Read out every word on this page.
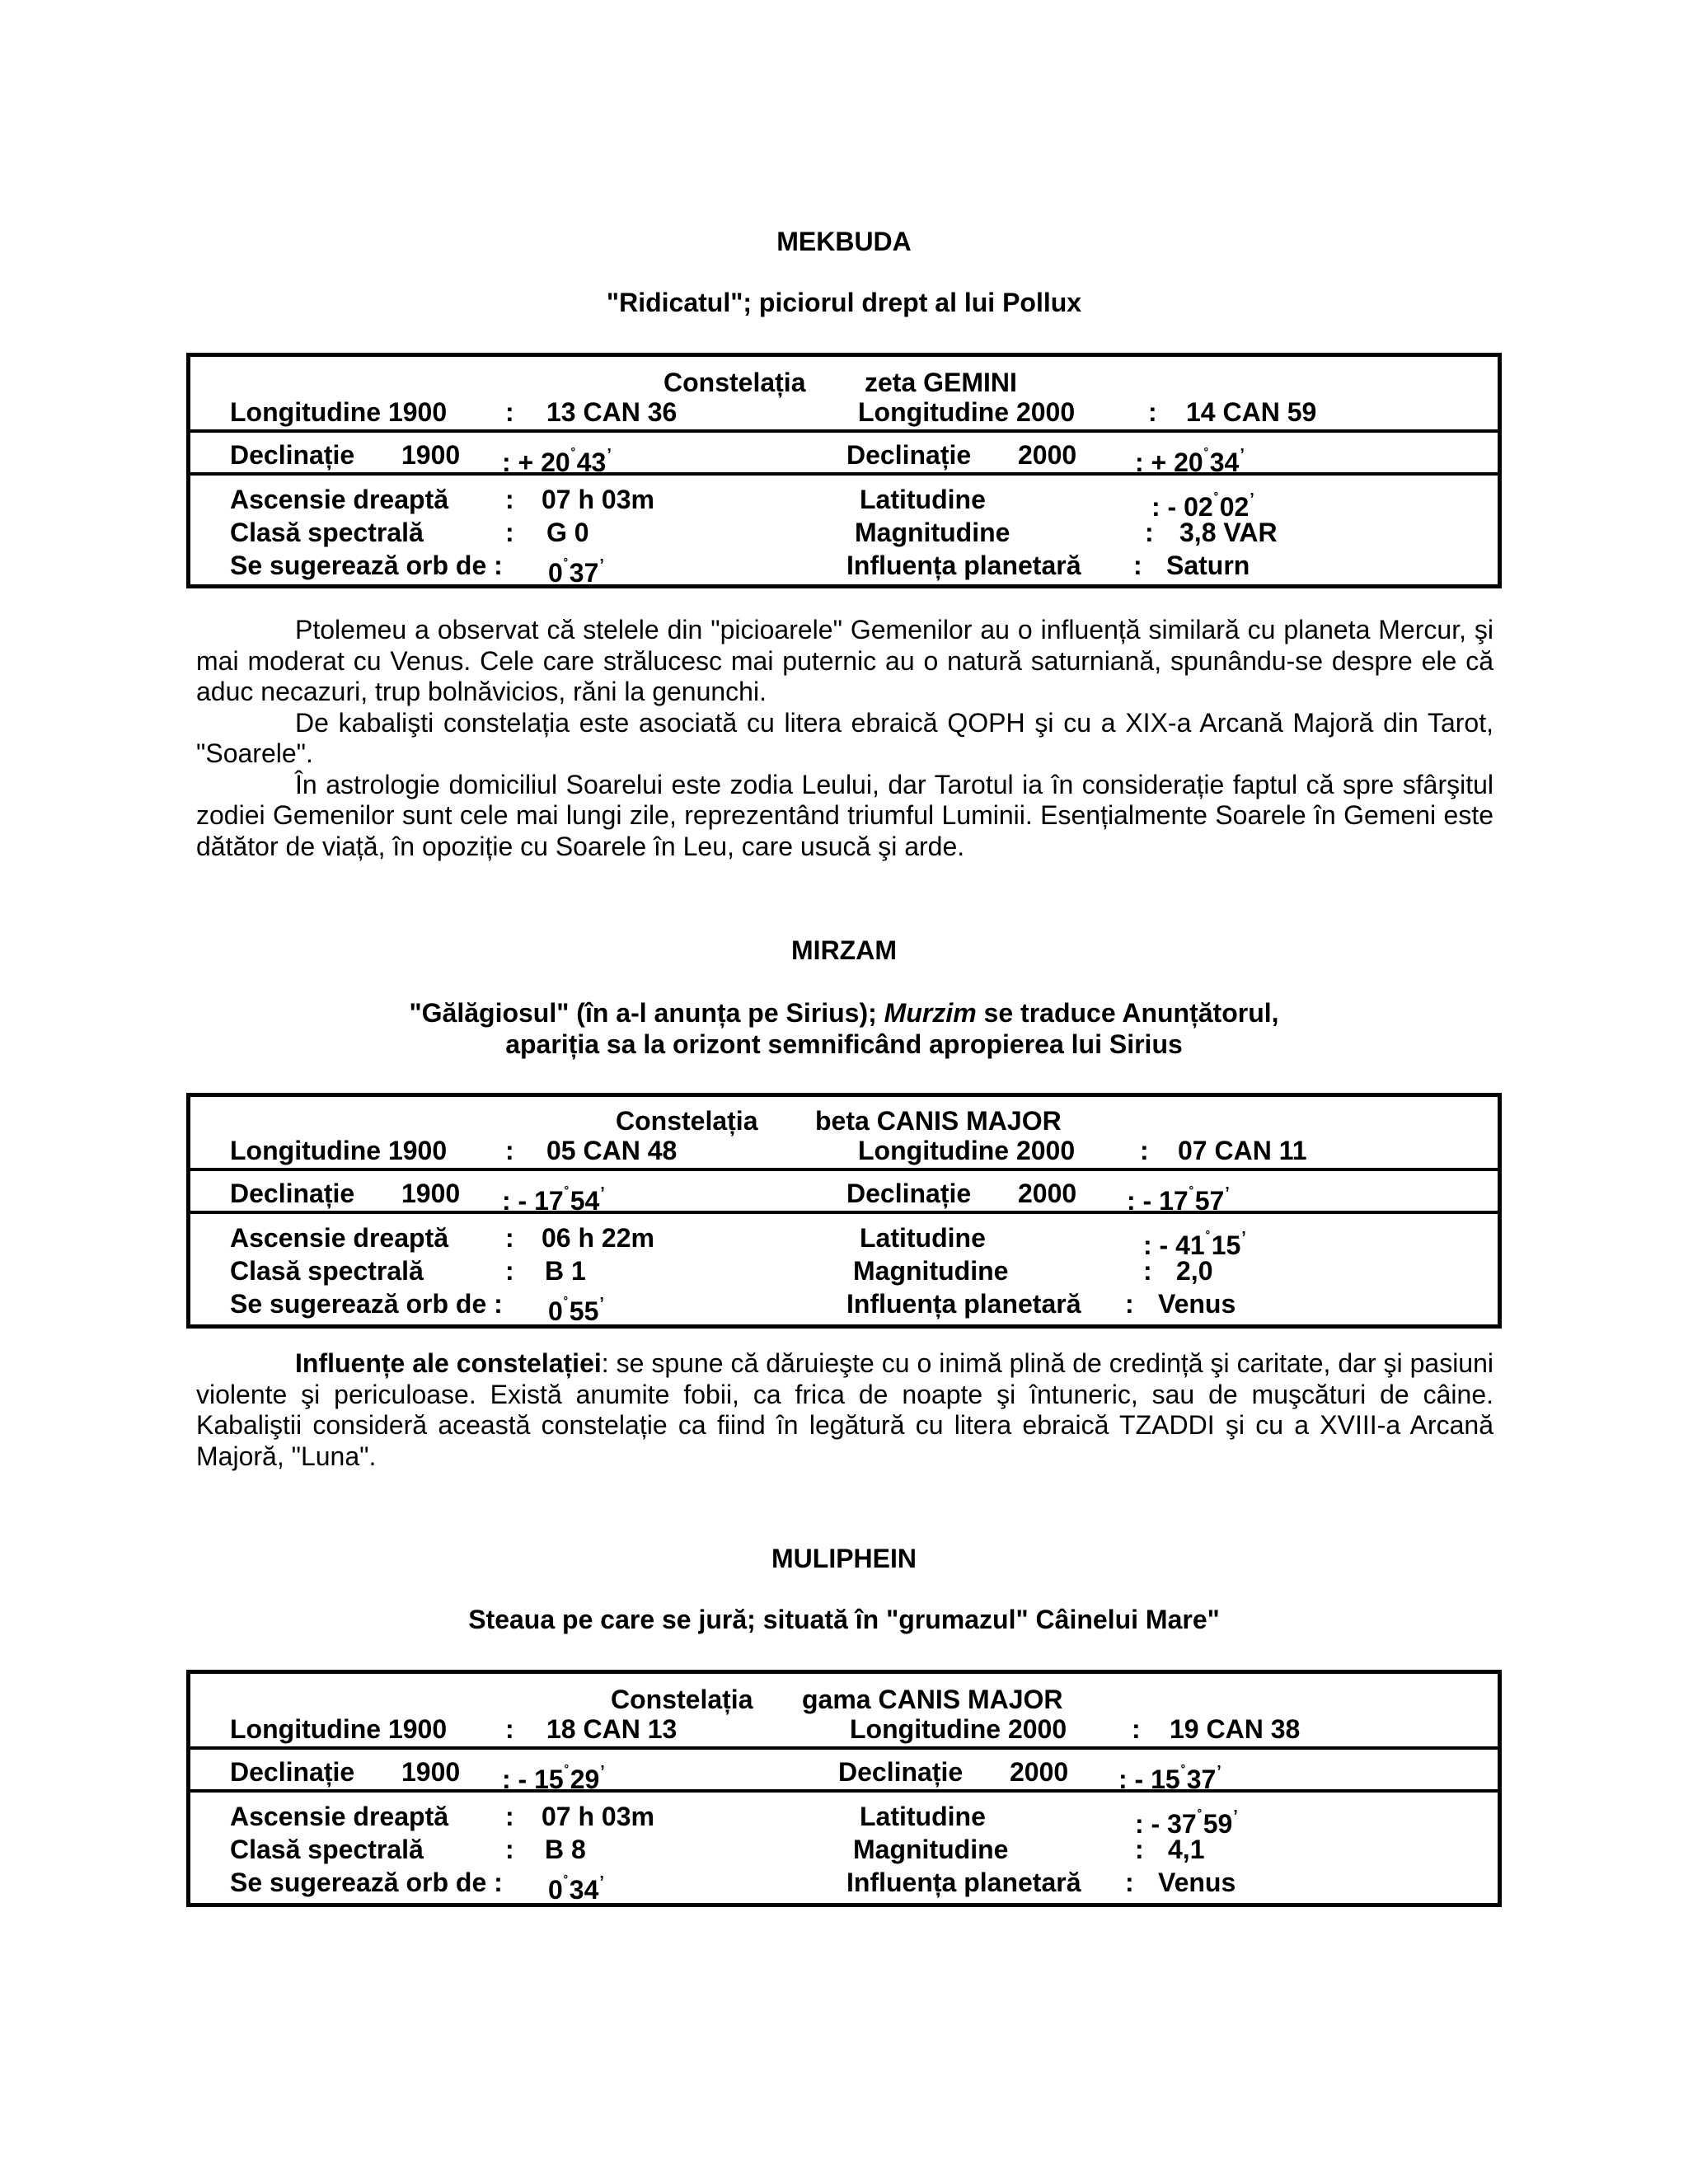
MEKBUDA
"Ridicatul"; piciorul drept al lui Pollux
Constelația zeta GEMINI
Longitudine 1900 : 13 CAN 36	Longitudine 2000	: 14 CAN 59
Declinație 1900 : + 20˚43’	Declinație 2000 : + 20˚34’
Ascensie dreaptă : 07 h 03m	Latitudine	: - 02˚02’
Clasă spectrală	: G 0	Magnitudine	: 3,8 VAR
Se sugerează orb de : 0˚37’	Influența planetară : Saturn

Ptolemeu a observat că stelele din "picioarele" Gemenilor au o influență similară cu planeta Mercur, şi mai moderat cu Venus. Cele care strălucesc mai puternic au o natură saturniană, spunându-se despre ele că aduc necazuri, trup bolnăvicios, răni la genunchi.

De kabalişti constelația este asociată cu litera ebraică QOPH şi cu a XIX-a Arcană Majoră din Tarot, "Soarele".

În astrologie domiciliul Soarelui este zodia Leului, dar Tarotul ia în considerație faptul că spre sfârşitul zodiei Gemenilor sunt cele mai lungi zile, reprezentând triumful Luminii. Esențialmente Soarele în Gemeni este dătător de viață, în opoziție cu Soarele în Leu, care usucă şi arde.

MIRZAM
"Gălăgiosul" (în a-l anunța pe Sirius); Murzim se traduce Anunțătorul,
apariția sa la orizont semnificând apropierea lui Sirius
Constelația beta CANIS MAJOR
Longitudine 1900 : 05 CAN 48	Longitudine 2000 : 07 CAN 11
Declinație 1900 : - 17˚54’	Declinație 2000 : - 17˚57’
Ascensie dreaptă : 06 h 22m	Latitudine	: - 41˚15’
Clasă spectrală	: B 1	Magnitudine	: 2,0
Se sugerează orb de : 0˚55’	Influența planetară : Venus

Influențe ale constelației: se spune că dăruieşte cu o inimă plină de credință şi caritate, dar şi pasiuni violente şi periculoase. Există anumite fobii, ca frica de noapte şi întuneric, sau de muşcături de câine. Kabaliştii consideră această constelație ca fiind în legătură cu litera ebraică TZADDI şi cu a XVIII-a Arcană Majoră, "Luna".

MULIPHEIN
Steaua pe care se jură; situată în "grumazul" Câinelui Mare"
Constelația gama CANIS MAJOR
Longitudine 1900 : 18 CAN 13	Longitudine 2000 : 19 CAN 38
Declinație 1900 : - 15˚29’	Declinație 2000 : - 15˚37’
Ascensie dreaptă : 07 h 03m	Latitudine	: - 37˚59’
Clasă spectrală	: B 8	Magnitudine	: 4,1
Se sugerează orb de : 0˚34’	Influența planetară : Venus
